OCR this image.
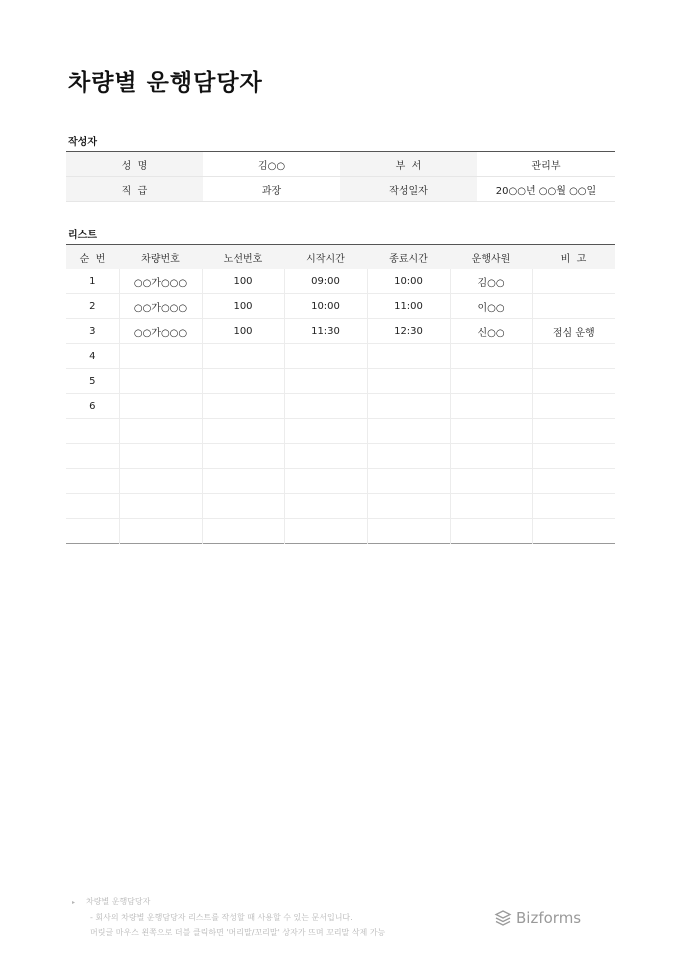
차량별 운행담당자
작성자
성  명	김○○	부  서	관리부
직  급	과장	작성일자	20○○년 ○○월 ○○일
리스트
순  번	차량번호	노선번호	시작시간	종료시간	운행사원	비  고
1	○○가○○○	100	09:00	10:00	김○○	
2	○○가○○○	100	10:00	11:00	이○○	
3	○○가○○○	100	11:30	12:30	신○○	점심 운행
4						
5						
6						

▸ 차량별 운행담당자
- 회사의 차량별 운행담당자 리스트를 작성할 때 사용할 수 있는 문서입니다.
머릿글 마우스 왼쪽으로 더블 클릭하면 '머리말/꼬리말' 상자가 뜨며 꼬리말 삭제 가능
Bizforms
